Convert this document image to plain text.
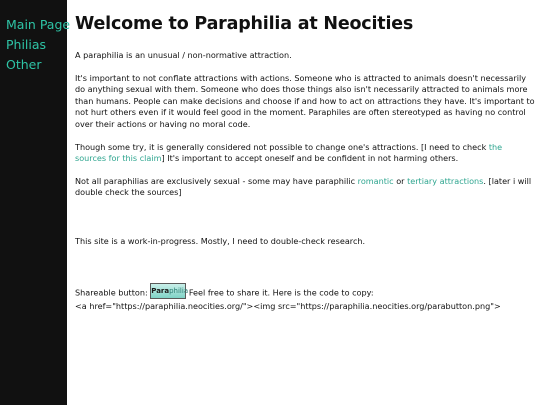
Main Page
Philias
Other
Welcome to Paraphilia at Neocities

A paraphilia is an unusual / non-normative attraction.

It's important to not conflate attractions with actions. Someone who is attracted to animals doesn't necessarily do anything sexual with them. Someone who does those things also isn't necessarily attracted to animals more than humans. People can make decisions and choose if and how to act on attractions they have. It's important to not hurt others even if it would feel good in the moment. Paraphiles are often stereotyped as having no control over their actions or having no moral code.

Though some try, it is generally considered not possible to change one's attractions. [I need to check the sources for this claim] It's important to accept oneself and be confident in not harming others.

Not all paraphilias are exclusively sexual - some may have paraphilic romantic or tertiary attractions. [later i will double check the sources]

This site is a work-in-progress. Mostly, I need to double-check research.

Shareable button: Paraphilia Feel free to share it. Here is the code to copy:
<a href="https://paraphilia.neocities.org/"><img src="https://paraphilia.neocities.org/parabutton.png">
